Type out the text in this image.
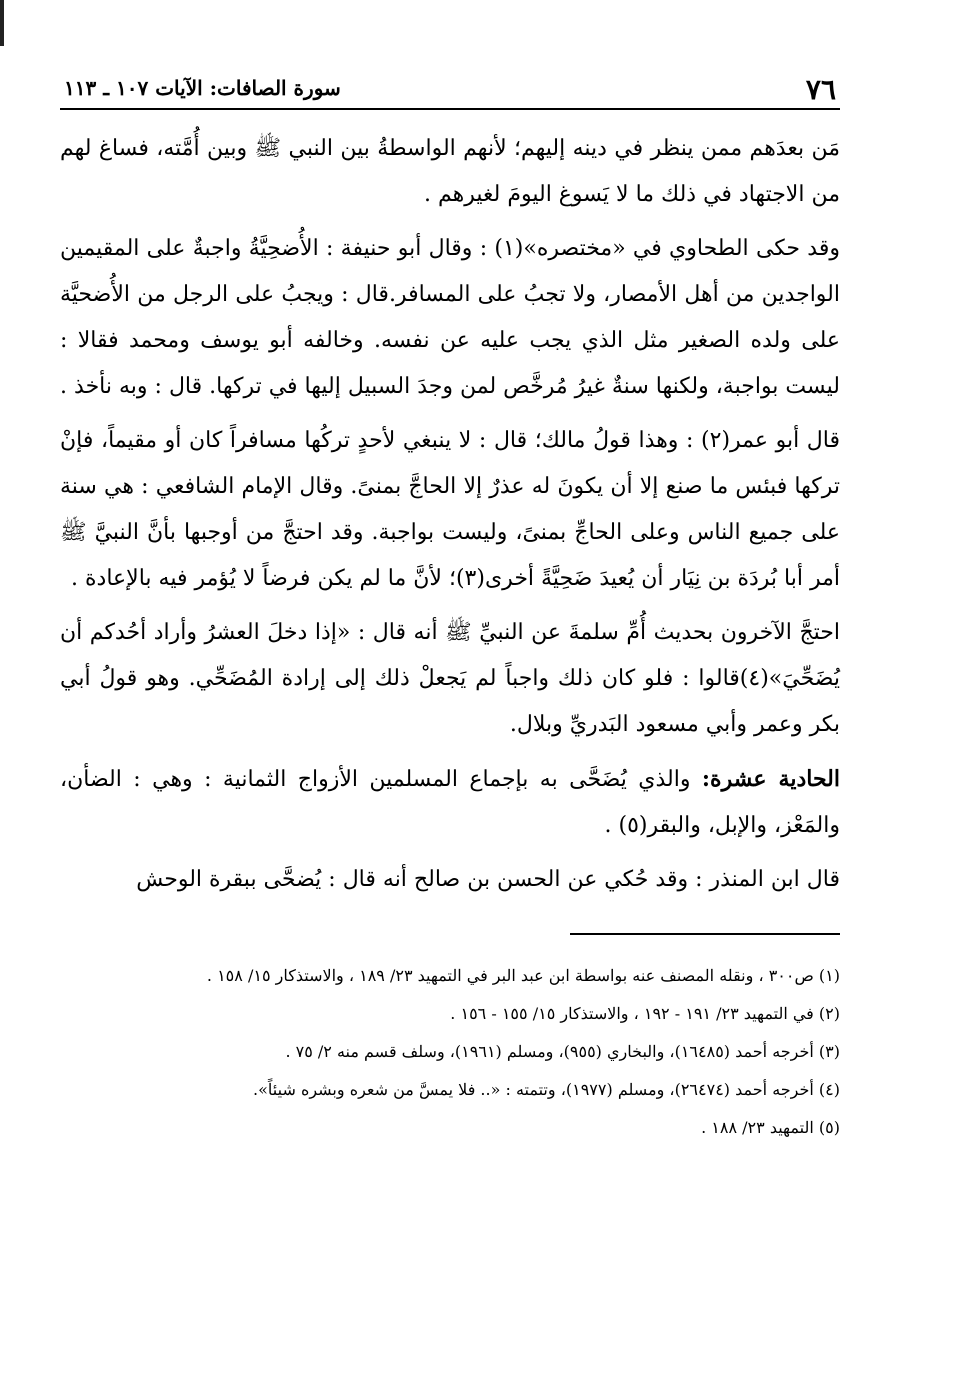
٧٦
سورة الصافات: الآيات ١٠٧ ـ ١١٣

مَن بعدَهم ممن ينظر في دينه إليهم؛ لأنهم الواسطةُ بين النبي ﷺ وبين أُمَّته، فساغ لهم من الاجتهاد في ذلك ما لا يَسوغ اليومَ لغيرهم .

وقد حكى الطحاوي في «مختصره»(١) : وقال أبو حنيفة : الأُضحِيَّةُ واجبةٌ على المقيمين الواجدين من أهل الأمصار، ولا تجبُ على المسافر.قال : ويجبُ على الرجل من الأُضحيَّة على ولده الصغير مثل الذي يجب عليه عن نفسه. وخالفه أبو يوسف ومحمد فقالا : ليست بواجبة، ولكنها سنةٌ غيرُ مُرخَّص لمن وجدَ السبيل إليها في تركها. قال : وبه نأخذ .

قال أبو عمر(٢) : وهذا قولُ مالك؛ قال : لا ينبغي لأحدٍ تركُها مسافراً كان أو مقيماً، فإنْ تركها فبئس ما صنع إلا أن يكونَ له عذرٌ إلا الحاجَّ بمنىً. وقال الإمام الشافعي : هي سنة على جميع الناس وعلى الحاجِّ بمنىً، وليست بواجبة. وقد احتجَّ من أوجبها بأنَّ النبيَّ ﷺ أمر أبا بُردَة بن نِيَار أن يُعيدَ ضَحِيَّةً أخرى(٣)؛ لأنَّ ما لم يكن فرضاً لا يُؤمر فيه بالإعادة .

احتجَّ الآخرون بحديث أُمِّ سلمةَ عن النبيِّ ﷺ أنه قال : «إذا دخلَ العشرُ وأراد أحُدكم أن يُضَحِّيَ»(٤)قالوا : فلو كان ذلك واجباً لم يَجعلْ ذلك إلى إرادة المُضَحِّي. وهو قولُ أبي بكر وعمر وأبي مسعود البَدريِّ وبلال.

الحادية عشرة: والذي يُضَحَّى به بإجماع المسلمين الأزواج الثمانية : وهي : الضأن، والمَعْز، والإبل، والبقر(٥) .

قال ابن المنذر : وقد حُكي عن الحسن بن صالح أنه قال : يُضحَّى ببقرة الوحش

(١) ص٣٠٠ ، ونقله المصنف عنه بواسطة ابن عبد البر في التمهيد ٢٣/ ١٨٩ ، والاستذكار ١٥/ ١٥٨ .

(٢) في التمهيد ٢٣/ ١٩١ - ١٩٢ ، والاستذكار ١٥/ ١٥٥ - ١٥٦ .

(٣) أخرجه أحمد (١٦٤٨٥)، والبخاري (٩٥٥)، ومسلم (١٩٦١)، وسلف قسم منه ٢/ ٧٥ .

(٤) أخرجه أحمد (٢٦٤٧٤)، ومسلم (١٩٧٧)، وتتمته : «.. فلا يمسَّ من شعره وبشره شيئاً».

(٥) التمهيد ٢٣/ ١٨٨ .
